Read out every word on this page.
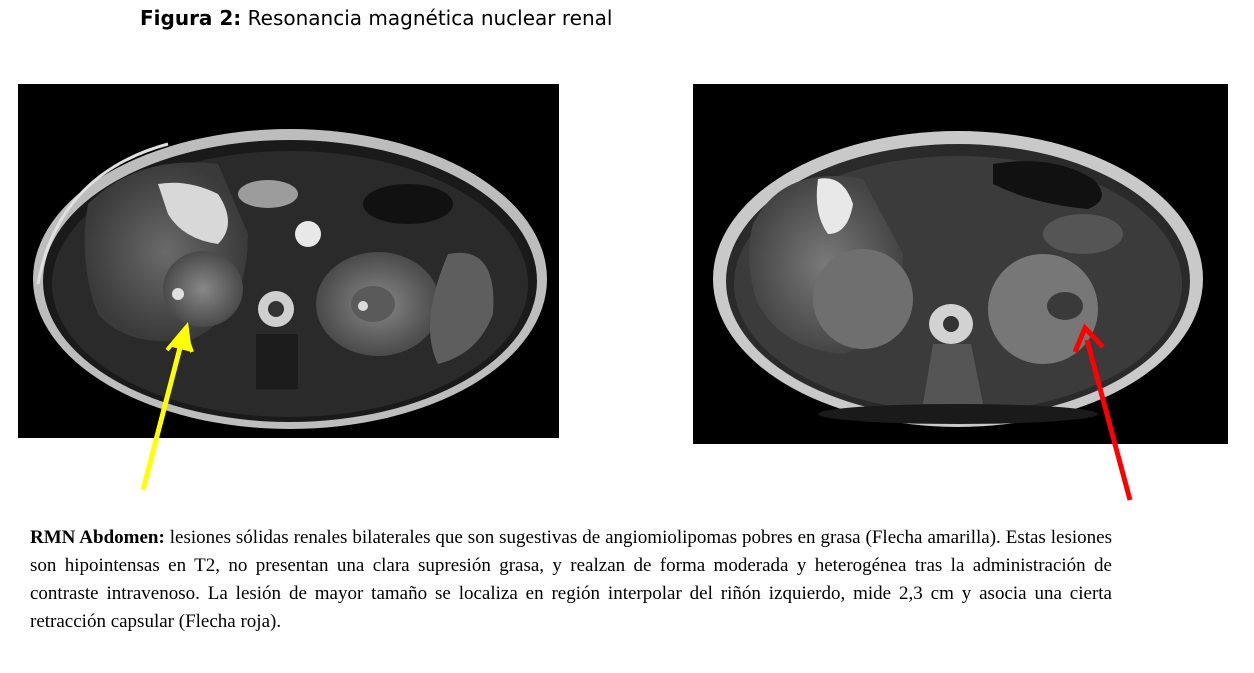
Figura 2: Resonancia magnética nuclear renal
RMN Abdomen: lesiones sólidas renales bilaterales que son sugestivas de angiomiolipomas pobres en grasa (Flecha amarilla). Estas lesiones son hipointensas en T2, no presentan una clara supresión grasa, y realzan de forma moderada y heterogénea tras la administración de contraste intravenoso. La lesión de mayor tamaño se localiza en región interpolar del riñón izquierdo, mide 2,3 cm y asocia una cierta retracción capsular (Flecha roja).
